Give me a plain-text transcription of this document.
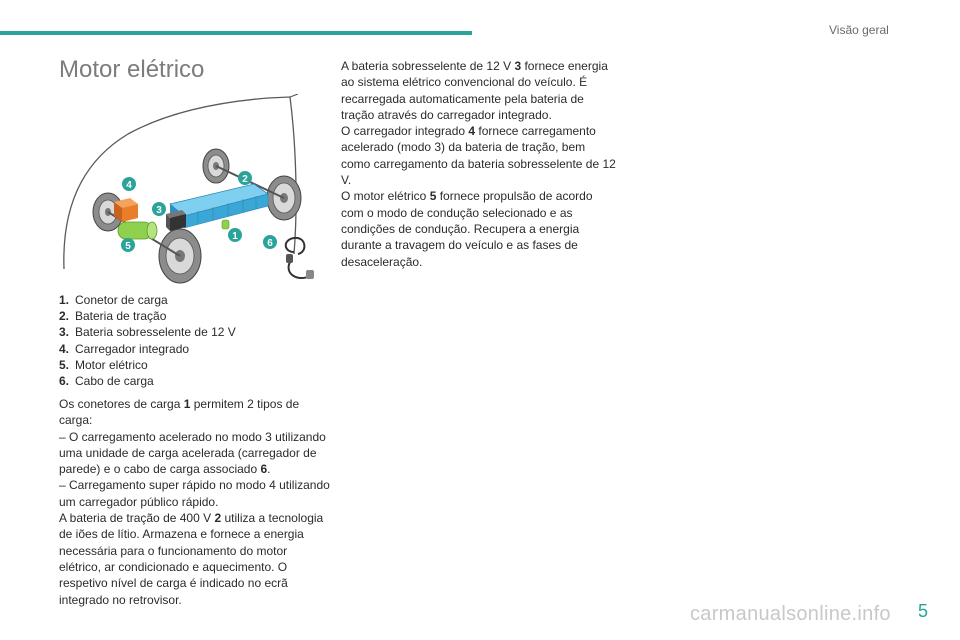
Visão geral
Motor elétrico
1
2
3
4
5	6
1. Conetor de carga
2. Bateria de tração
3. Bateria sobresselente de 12 V
4. Carregador integrado
5. Motor elétrico
6. Cabo de carga

Os conetores de carga 1 permitem 2 tipos de carga:

– O carregamento acelerado no modo 3 utilizando uma unidade de carga acelerada (carregador de parede) e o cabo de carga associado 6.

– Carregamento super rápido no modo 4 utilizando um carregador público rápido.

A bateria de tração de 400 V 2 utiliza a tecnologia de iões de lítio. Armazena e fornece a energia necessária para o funcionamento do motor elétrico, ar condicionado e aquecimento. O respetivo nível de carga é indicado no ecrã integrado no retrovisor.

A bateria sobresselente de 12 V 3 fornece energia ao sistema elétrico convencional do veículo. É recarregada automaticamente pela bateria de tração através do carregador integrado.

O carregador integrado 4 fornece carregamento acelerado (modo 3) da bateria de tração, bem como carregamento da bateria sobresselente de 12 V.

O motor elétrico 5 fornece propulsão de acordo com o modo de condução selecionado e as condições de condução. Recupera a energia durante a travagem do veículo e as fases de desaceleração.

carmanualsonline.info 5
